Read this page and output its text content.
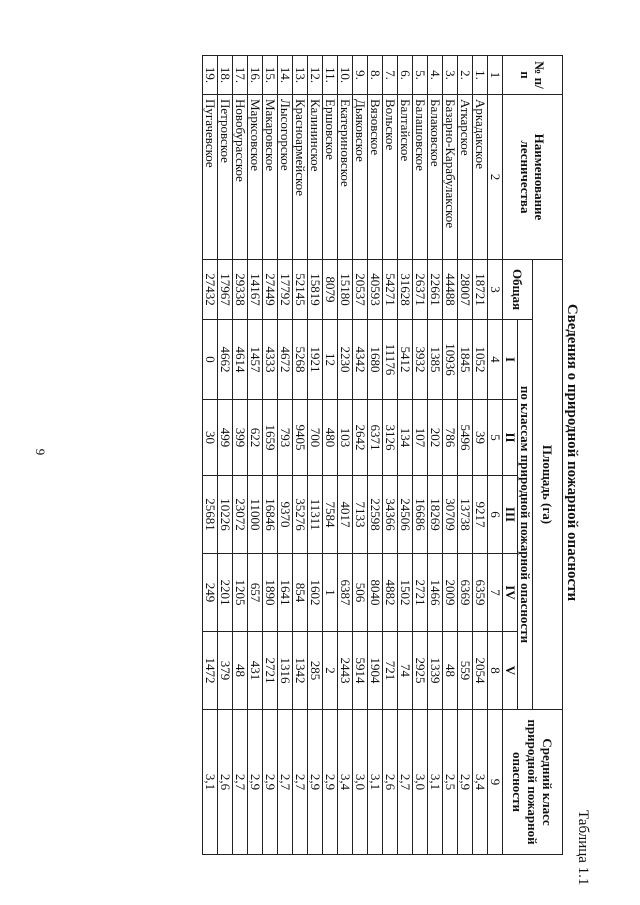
9
Таблица 1.1
Сведения о природной пожарной опасности
№ п/п	Наименование лесничества	Площадь (га)						Средний класс природной пожарной опасности
		Общая	по классам природной пожарной опасности					
			I	II	III	IV	V	
1	2	3	4	5	6	7	8	9
1.	Аркадакское	18721	1052	39	9217	6359	2054	3,4
2.	Аткарское	28007	1845	5496	13738	6369	559	2,9
3.	Базарно-Карабулакское	44488	10936	786	30709	2009	48	2,5
4.	Балаковское	22661	1385	202	18269	1466	1339	3,1
5.	Балашовское	26371	3932	107	16686	2721	2925	3,0
6.	Балтайское	31628	5412	134	24506	1502	74	2,7
7.	Вольское	54271	11176	3126	34366	4882	721	2,6
8.	Вязовское	40593	1680	6371	22598	8040	1904	3,1
9.	Дьяковское	20537	4342	2642	7133	506	5914	3,0
10.	Екатериновское	15180	2230	103	4017	6387	2443	3,4
11.	Ершовское	8079	12	480	7584	1	2	2,9
12.	Калининское	15819	1921	700	11311	1602	285	2,9
13.	Красноармейское	52145	5268	9405	35276	854	1342	2,7
14.	Лысогорское	17792	4672	793	9370	1641	1316	2,7
15.	Макаровское	27449	4333	1659	16846	1890	2721	2,9
16.	Марксовское	14167	1457	622	11000	657	431	2,9
17.	Новобурасское	29338	4614	399	23072	1205	48	2,7
18.	Петровское	17967	4662	499	10226	2201	379	2,6
19.	Пугачевское	27432	0	30	25681	249	1472	3,1
